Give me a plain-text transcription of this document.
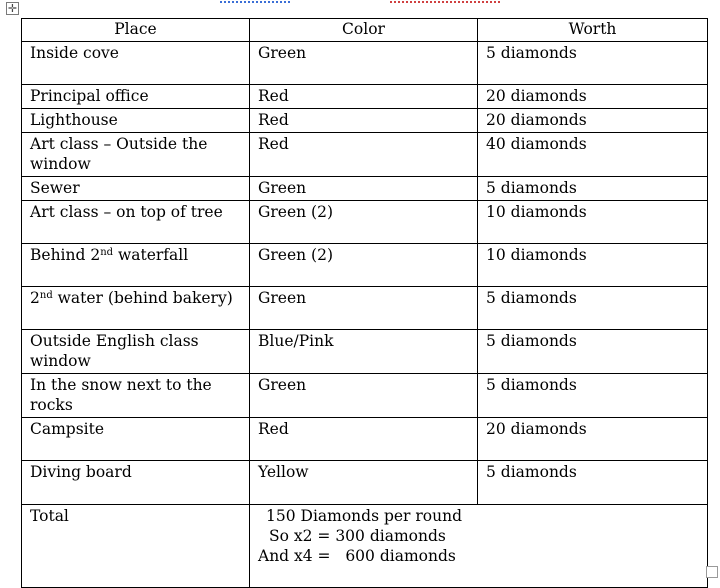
✛
Place	Color	Worth
Inside cove	Green	5 diamonds
Principal office	Red	20 diamonds
Lighthouse	Red	20 diamonds
Art class – Outside the window	Red	40 diamonds
Sewer	Green	5 diamonds
Art class – on top of tree	Green (2)	10 diamonds
Behind 2nd waterfall	Green (2)	10 diamonds
2nd water (behind bakery)	Green	5 diamonds
Outside English class window	Blue/Pink	5 diamonds
In the snow next to the rocks	Green	5 diamonds
Campsite	Red	20 diamonds
Diving board	Yellow	5 diamonds
Total	150 Diamonds per round
So x2 = 300 diamonds
And x4 =   600 diamonds	
